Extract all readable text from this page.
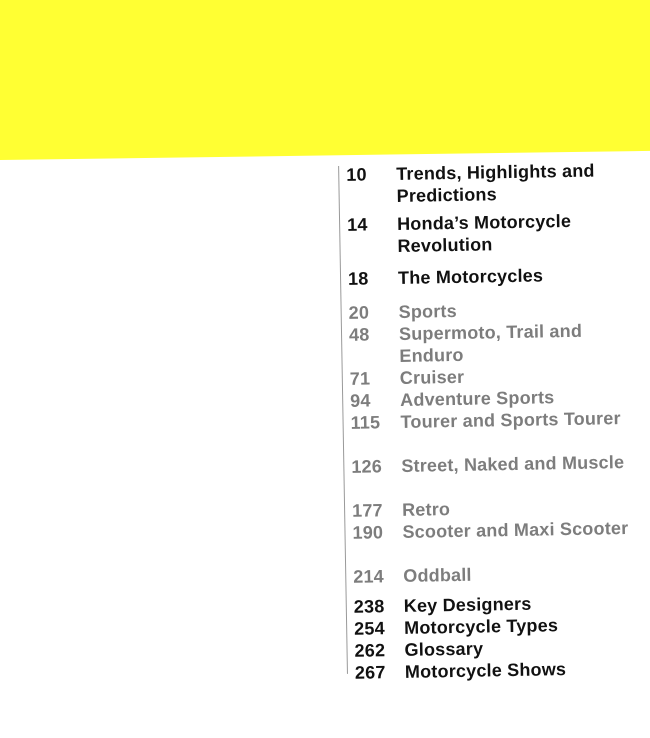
10 Trends, Highlights and Predictions
14 Honda’s Motorcycle Revolution
18 The Motorcycles
20 Sports
48 Supermoto, Trail and Enduro
71 Cruiser
94 Adventure Sports
115 Tourer and Sports Tourer
126 Street, Naked and Muscle
177 Retro
190 Scooter and Maxi Scooter
214 Oddball
238 Key Designers
254 Motorcycle Types
262 Glossary
267 Motorcycle Shows
